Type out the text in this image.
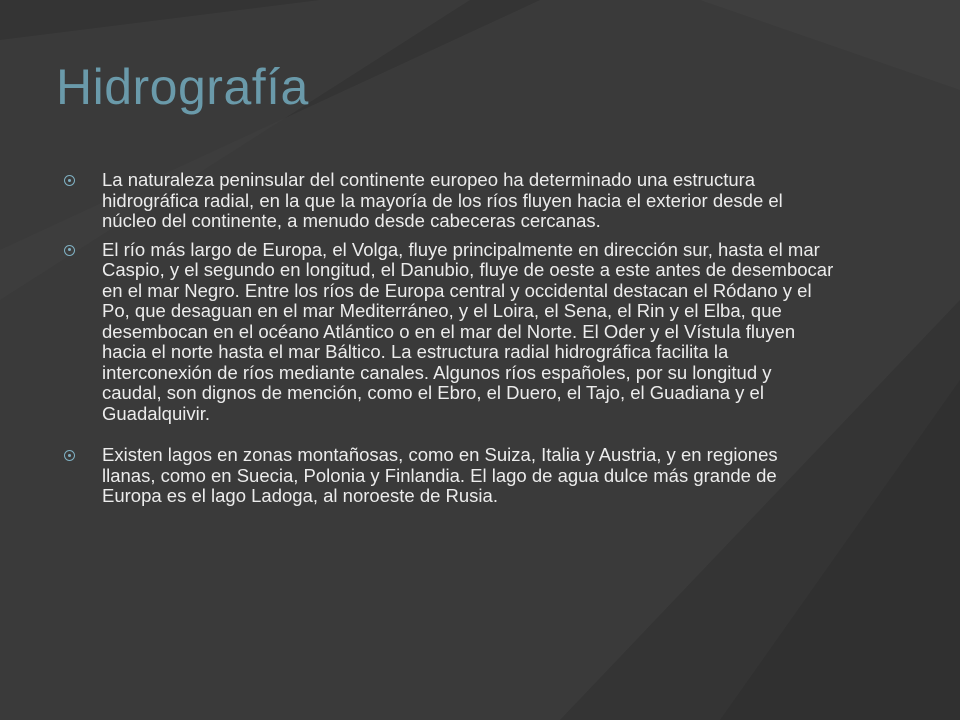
Hidrografía
La naturaleza peninsular del continente europeo ha determinado una estructura hidrográfica radial, en la que la mayoría de los ríos fluyen hacia el exterior desde el núcleo del continente, a menudo desde cabeceras cercanas.
El río más largo de Europa, el Volga, fluye principalmente en dirección sur, hasta el mar Caspio, y el segundo en longitud, el Danubio, fluye de oeste a este antes de desembocar en el mar Negro. Entre los ríos de Europa central y occidental destacan el Ródano y el Po, que desaguan en el mar Mediterráneo, y el Loira, el Sena, el Rin y el Elba, que desembocan en el océano Atlántico o en el mar del Norte. El Oder y el Vístula fluyen hacia el norte hasta el mar Báltico. La estructura radial hidrográfica facilita la interconexión de ríos mediante canales. Algunos ríos españoles, por su longitud y caudal, son dignos de mención, como el Ebro, el Duero, el Tajo, el Guadiana y el Guadalquivir.
Existen lagos en zonas montañosas, como en Suiza, Italia y Austria, y en regiones llanas, como en Suecia, Polonia y Finlandia. El lago de agua dulce más grande de Europa es el lago Ladoga, al noroeste de Rusia.
